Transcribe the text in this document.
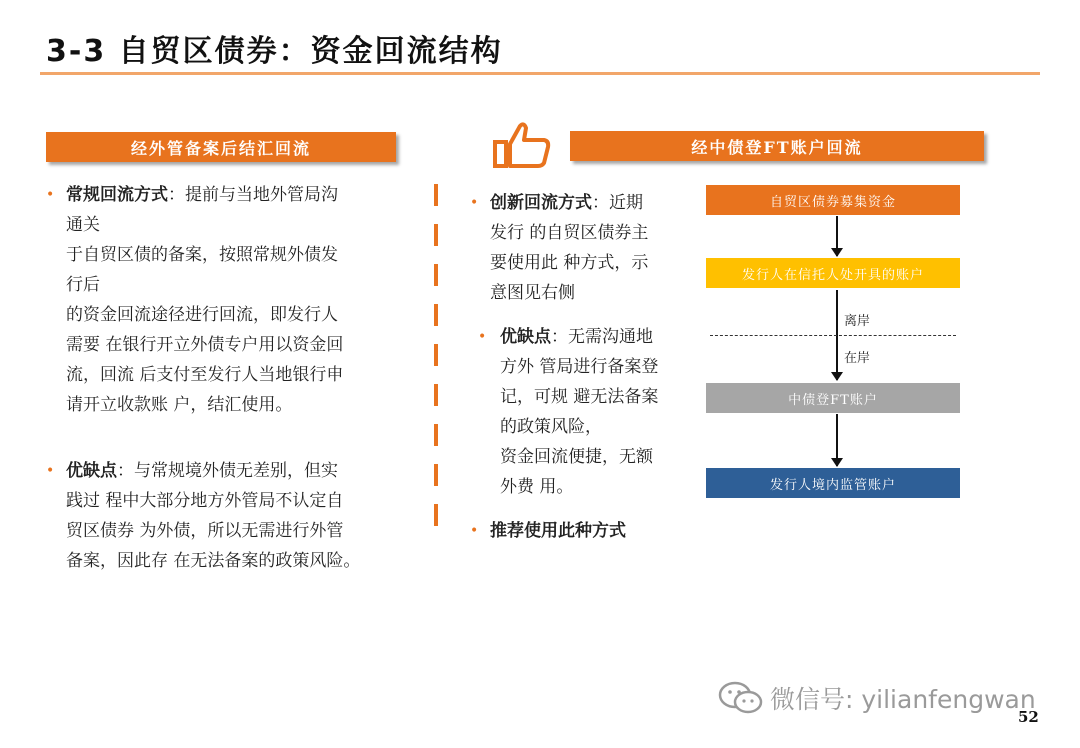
3-3 自贸区债券：资金回流结构
经外管备案后结汇回流	经中债登FT账户回流
• 常规回流方式：提前与当地外管局沟
通关
于自贸区债的备案，按照常规外债发
行后
的资金回流途径进行回流，即发行人
需要 在银行开立外债专户用以资金回
流，回流 后支付至发行人当地银行申
请开立收款账 户，结汇使用。
• 优缺点：与常规境外债无差别，但实
践过 程中大部分地方外管局不认定自
贸区债券 为外债，所以无需进行外管
备案，因此存 在无法备案的政策风险。
• 创新回流方式：近期
发行 的自贸区债券主
要使用此 种方式，示
意图见右侧
• 优缺点：无需沟通地
方外 管局进行备案登
记，可规 避无法备案
的政策风险，
资金回流便捷，无额
外费 用。
• 推荐使用此种方式
自贸区债券募集资金
发行人在信托人处开具的账户
离岸
在岸
中债登FT账户
发行人境内监管账户
微信号: yilianfengwan
52
